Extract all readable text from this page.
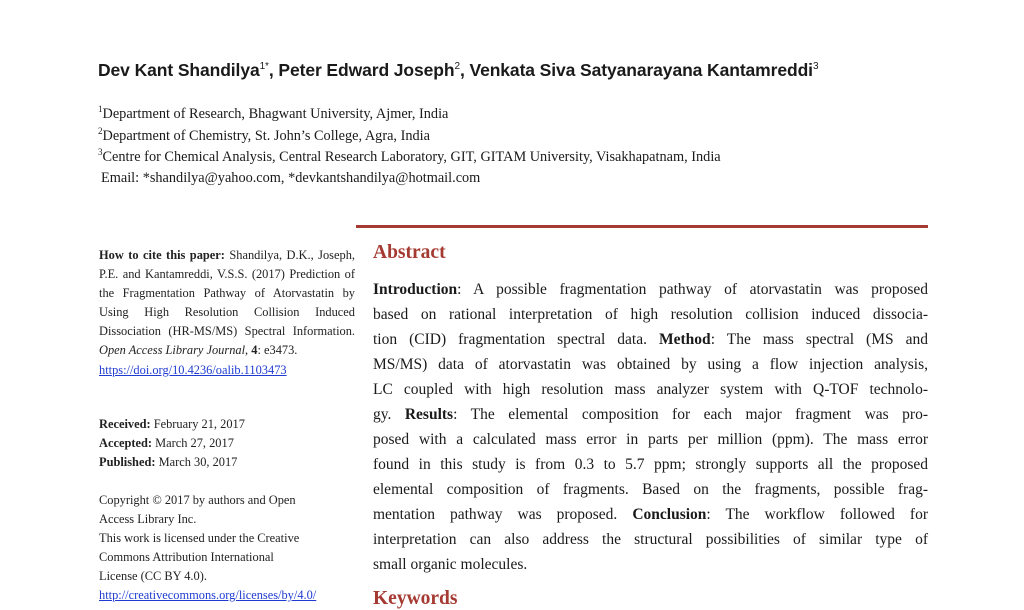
Dev Kant Shandilya$^{1*}$, Peter Edward Joseph$^2$, Venkata Siva Satyanarayana Kantamreddi$^3$
$^1$Department of Research, Bhagwant University, Ajmer, India
$^2$Department of Chemistry, St. John’s College, Agra, India
$^3$Centre for Chemical Analysis, Central Research Laboratory, GIT, GITAM University, Visakhapatnam, India
Email: *shandilya@yahoo.com, *devkantshandilya@hotmail.com
How to cite this paper: Shandilya, D.K., Joseph, P.E. and Kantamreddi, V.S.S. (2017) Prediction of the Fragmentation Pathway of Atorvastatin by Using High Resolution Collision Induced Dissociation (HR-MS/MS) Spectral Information. Open Access Library Journal, 4: e3473.
https://doi.org/10.4236/oalib.1103473
Received: February 21, 2017
Accepted: March 27, 2017
Published: March 30, 2017
Copyright © 2017 by authors and Open
Access Library Inc.
This work is licensed under the Creative
Commons Attribution International
License (CC BY 4.0).
http://creativecommons.org/licenses/by/4.0/
Abstract
Introduction: A possible fragmentation pathway of atorvastatin was proposed
based on rational interpretation of high resolution collision induced dissocia-
tion (CID) fragmentation spectral data. Method: The mass spectral (MS and
MS/MS) data of atorvastatin was obtained by using a flow injection analysis,
LC coupled with high resolution mass analyzer system with Q-TOF technolo-
gy. Results: The elemental composition for each major fragment was pro-
posed with a calculated mass error in parts per million (ppm). The mass error
found in this study is from 0.3 to 5.7 ppm; strongly supports all the proposed
elemental composition of fragments. Based on the fragments, possible frag-
mentation pathway was proposed. Conclusion: The workflow followed for
interpretation can also address the structural possibilities of similar type of
small organic molecules.
Keywords
